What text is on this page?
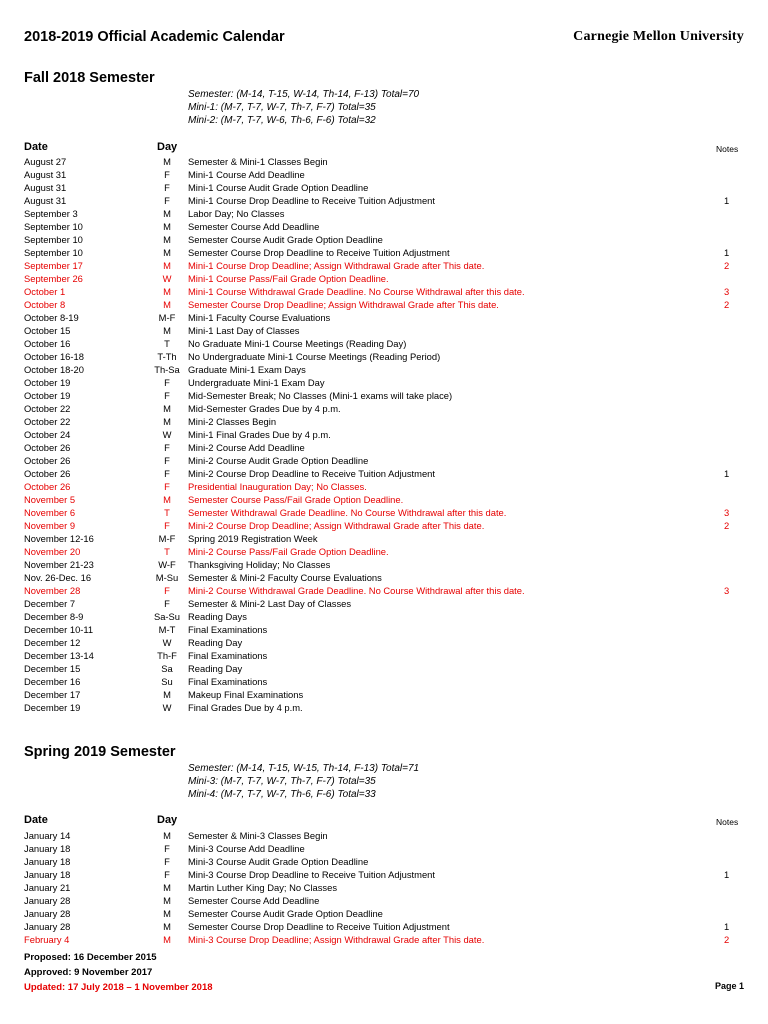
2018-2019 Official Academic Calendar	Carnegie Mellon University
Fall 2018 Semester
Semester: (M-14, T-15, W-14, Th-14, F-13) Total=70
Mini-1: (M-7, T-7, W-7, Th-7, F-7) Total=35
Mini-2: (M-7, T-7, W-6, Th-6, F-6) Total=32
Date	Day	Notes
August 27	M	Semester & Mini-1 Classes Begin
August 31	F	Mini-1 Course Add Deadline
August 31	F	Mini-1 Course Audit Grade Option Deadline
August 31	F	Mini-1 Course Drop Deadline to Receive Tuition Adjustment	1
September 3	M	Labor Day; No Classes
September 10	M	Semester Course Add Deadline
September 10	M	Semester Course Audit Grade Option Deadline
September 10	M	Semester Course Drop Deadline to Receive Tuition Adjustment	1
September 17	M	Mini-1 Course Drop Deadline; Assign Withdrawal Grade after This date.	2
September 26	W	Mini-1 Course Pass/Fail Grade Option Deadline.
October 1	M	Mini-1 Course Withdrawal Grade Deadline. No Course Withdrawal after this date.	3
October 8	M	Semester Course Drop Deadline; Assign Withdrawal Grade after This date.	2
October 8-19	M-F	Mini-1 Faculty Course Evaluations
October 15	M	Mini-1 Last Day of Classes
October 16	T	No Graduate Mini-1 Course Meetings (Reading Day)
October 16-18	T-Th	No Undergraduate Mini-1 Course Meetings (Reading Period)
October 18-20	Th-Sa Graduate Mini-1 Exam Days
October 19	F	Undergraduate Mini-1 Exam Day
October 19	F	Mid-Semester Break; No Classes (Mini-1 exams will take place)
October 22	M	Mid-Semester Grades Due by 4 p.m.
October 22	M	Mini-2 Classes Begin
October 24	W	Mini-1 Final Grades Due by 4 p.m.
October 26	F	Mini-2 Course Add Deadline
October 26	F	Mini-2 Course Audit Grade Option Deadline
October 26	F	Mini-2 Course Drop Deadline to Receive Tuition Adjustment	1
October 26	F	Presidential Inauguration Day; No Classes.
November 5	M	Semester Course Pass/Fail Grade Option Deadline.
November 6	T	Semester Withdrawal Grade Deadline. No Course Withdrawal after this date.	3
November 9	F	Mini-2 Course Drop Deadline; Assign Withdrawal Grade after This date.	2
November 12-16	M-F	Spring 2019 Registration Week
November 20	T	Mini-2 Course Pass/Fail Grade Option Deadline.
November 21-23	W-F	Thanksgiving Holiday; No Classes
Nov. 26-Dec. 16	M-Su	Semester & Mini-2 Faculty Course Evaluations
November 28	F	Mini-2 Course Withdrawal Grade Deadline. No Course Withdrawal after this date.	3
December 7	F	Semester & Mini-2 Last Day of Classes
December 8-9	Sa-Su Reading Days
December 10-11	M-T	Final Examinations
December 12	W	Reading Day
December 13-14	Th-F	Final Examinations
December 15	Sa	Reading Day
December 16	Su	Final Examinations
December 17	M	Makeup Final Examinations
December 19	W	Final Grades Due by 4 p.m.
Spring 2019 Semester
Semester: (M-14, T-15, W-15, Th-14, F-13) Total=71
Mini-3: (M-7, T-7, W-7, Th-7, F-7) Total=35
Mini-4: (M-7, T-7, W-7, Th-6, F-6) Total=33
Date	Day	Notes
January 14	M	Semester & Mini-3 Classes Begin
January 18	F	Mini-3 Course Add Deadline
January 18	F	Mini-3 Course Audit Grade Option Deadline
January 18	F	Mini-3 Course Drop Deadline to Receive Tuition Adjustment	1
January 21	M	Martin Luther King Day; No Classes
January 28	M	Semester Course Add Deadline
January 28	M	Semester Course Audit Grade Option Deadline
January 28	M	Semester Course Drop Deadline to Receive Tuition Adjustment	1
February 4	M	Mini-3 Course Drop Deadline; Assign Withdrawal Grade after This date.	2
Proposed: 16 December 2015
Approved: 9 November 2017
Updated: 17 July 2018 – 1 November 2018	Page 1
